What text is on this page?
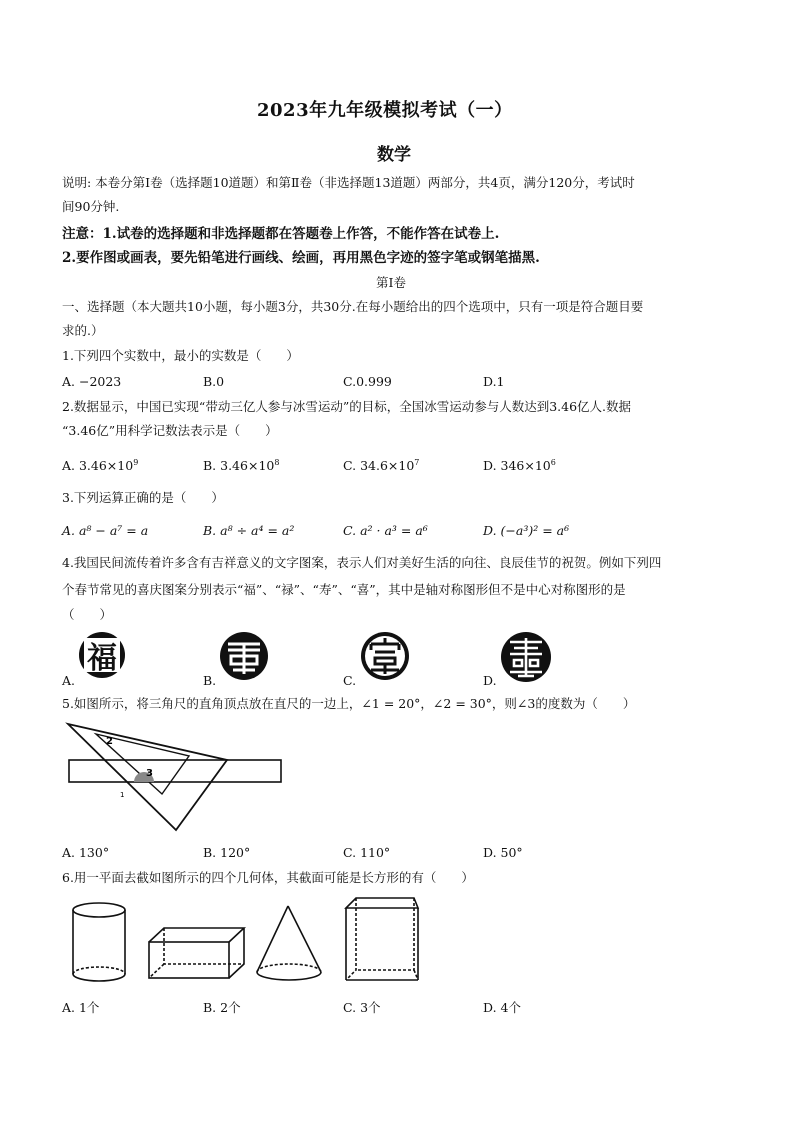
2023年九年级模拟考试（一）
数学
说明: 本卷分第Ⅰ卷（选择题10道题）和第Ⅱ卷（非选择题13道题）两部分，共4页，满分120分，考试时
间90分钟.
注意：1.试卷的选择题和非选择题都在答题卷上作答，不能作答在试卷上.
2.要作图或画表，要先铅笔进行画线、绘画，再用黑色字迹的签字笔或钢笔描黑.
第Ⅰ卷
一、选择题（本大题共10小题，每小题3分，共30分.在每小题给出的四个选项中，只有一项是符合题目要
求的.）
1.下列四个实数中，最小的实数是（　　）
A. −2023	B.0	C.0.999	D.1
2.数据显示，中国已实现“带动三亿人参与冰雪运动”的目标，全国冰雪运动参与人数达到3.46亿人.数据
“3.46亿”用科学记数法表示是（　　）
A. $3.46\times 10^9$	B. $3.46\times 10^8$	C. $34.6\times 10^7$	D. $346\times 10^6$
3.下列运算正确的是（　　）
A. a⁸ − a⁷ = a	B. a⁸ ÷ a⁴ = a²	C. a² · a³ = a⁶	D. (−a³)² = a⁶
4.我国民间流传着许多含有吉祥意义的文字图案，表示人们对美好生活的向往、良辰佳节的祝贺。例如下列四
个春节常见的喜庆图案分别表示“福”、“禄”、“寿”、“喜”，其中是轴对称图形但不是中心对称图形的是
（　　）
福
A.	B.	C.	D.
5.如图所示，将三角尺的直角顶点放在直尺的一边上，∠1 = 20°，∠2 = 30°，则∠3的度数为（　　）
2
3
1
A. 130°	B. 120°	C. 110°	D. 50°
6.用一平面去截如图所示的四个几何体，其截面可能是长方形的有（　　）
A. 1个	B. 2个	C. 3个	D. 4个
